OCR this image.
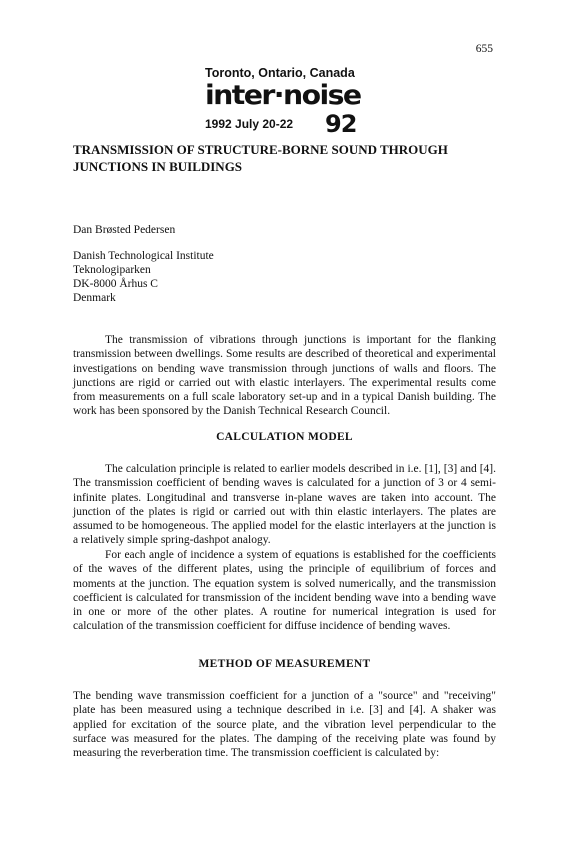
655
Toronto, Ontario, Canada
inter·noise
1992 July 20-22 92
TRANSMISSION OF STRUCTURE-BORNE SOUND THROUGH JUNCTIONS IN BUILDINGS
Dan Brøsted Pedersen
Danish Technological Institute
Teknologiparken
DK-8000 Århus C
Denmark

The transmission of vibrations through junctions is important for the flanking transmission between dwellings. Some results are described of theoretical and experimental investigations on bending wave transmission through junctions of walls and floors. The junctions are rigid or carried out with elastic interlayers. The experimental results come from measurements on a full scale laboratory set-up and in a typical Danish building. The work has been sponsored by the Danish Technical Research Council.

CALCULATION MODEL

The calculation principle is related to earlier models described in i.e. [1], [3] and [4]. The transmission coefficient of bending waves is calculated for a junction of 3 or 4 semi-infinite plates. Longitudinal and transverse in-plane waves are taken into account. The junction of the plates is rigid or carried out with thin elastic interlayers. The plates are assumed to be homogeneous. The applied model for the elastic interlayers at the junction is a relatively simple spring-dashpot analogy.

For each angle of incidence a system of equations is established for the coefficients of the waves of the different plates, using the principle of equilibrium of forces and moments at the junction. The equation system is solved numerically, and the transmission coefficient is calculated for transmission of the incident bending wave into a bending wave in one or more of the other plates. A routine for numerical integration is used for calculation of the transmission coefficient for diffuse incidence of bending waves.

METHOD OF MEASUREMENT

The bending wave transmission coefficient for a junction of a "source" and "receiving" plate has been measured using a technique described in i.e. [3] and [4]. A shaker was applied for excitation of the source plate, and the vibration level perpendicular to the surface was measured for the plates. The damping of the receiving plate was found by measuring the reverberation time. The transmission coefficient is calculated by:
